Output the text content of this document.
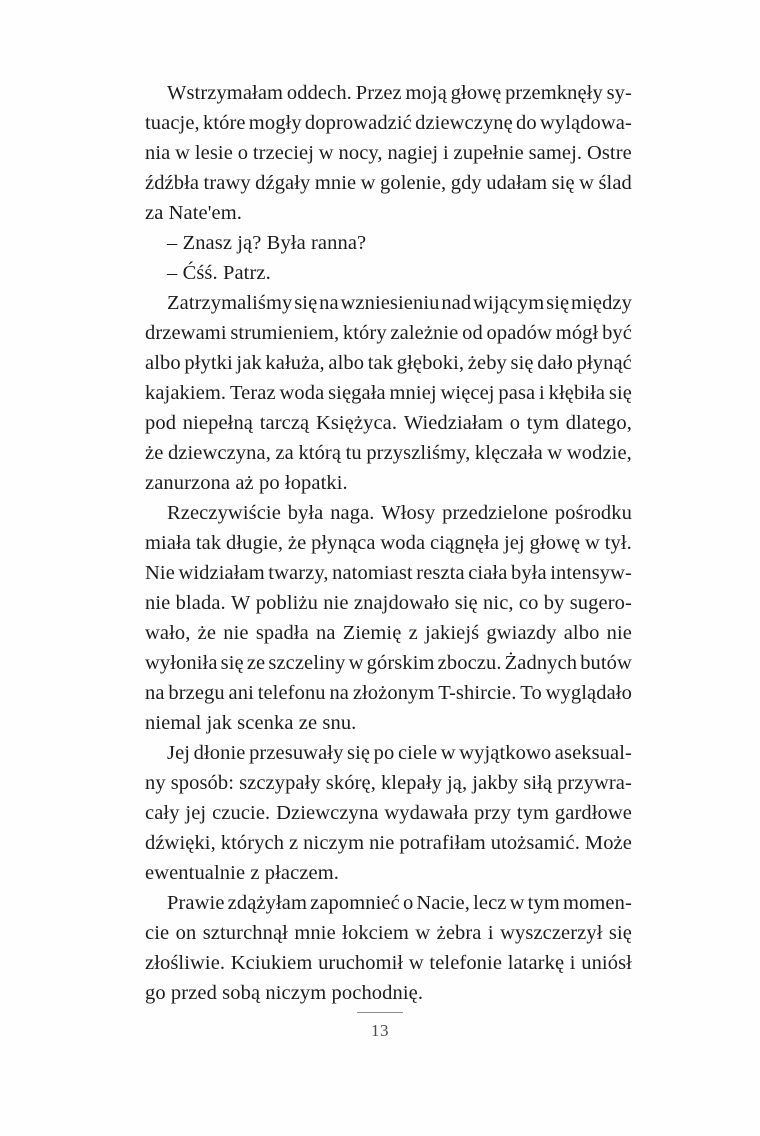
Wstrzymałam oddech. Przez moją głowę przemknęły sy-
tuacje, które mogły doprowadzić dziewczynę do wylądowa-
nia w lesie o trzeciej w nocy, nagiej i zupełnie samej. Ostre
źdźbła trawy dźgały mnie w golenie, gdy udałam się w ślad
za Nate'em.
– Znasz ją? Była ranna?
– Ćśś. Patrz.
Zatrzymaliśmy się na wzniesieniu nad wijącym się między
drzewami strumieniem, który zależnie od opadów mógł być
albo płytki jak kałuża, albo tak głęboki, żeby się dało płynąć
kajakiem. Teraz woda sięgała mniej więcej pasa i kłębiła się
pod niepełną tarczą Księżyca. Wiedziałam o tym dlatego,
że dziewczyna, za którą tu przyszliśmy, klęczała w wodzie,
zanurzona aż po łopatki.
Rzeczywiście była naga. Włosy przedzielone pośrodku
miała tak długie, że płynąca woda ciągnęła jej głowę w tył.
Nie widziałam twarzy, natomiast reszta ciała była intensyw-
nie blada. W pobliżu nie znajdowało się nic, co by sugero-
wało, że nie spadła na Ziemię z jakiejś gwiazdy albo nie
wyłoniła się ze szczeliny w górskim zboczu. Żadnych butów
na brzegu ani telefonu na złożonym T-shircie. To wyglądało
niemal jak scenka ze snu.
Jej dłonie przesuwały się po ciele w wyjątkowo aseksual-
ny sposób: szczypały skórę, klepały ją, jakby siłą przywra-
cały jej czucie. Dziewczyna wydawała przy tym gardłowe
dźwięki, których z niczym nie potrafiłam utożsamić. Może
ewentualnie z płaczem.
Prawie zdążyłam zapomnieć o Nacie, lecz w tym momen-
cie on szturchnął mnie łokciem w żebra i wyszczerzył się
złośliwie. Kciukiem uruchomił w telefonie latarkę i uniósł
go przed sobą niczym pochodnię.
13
